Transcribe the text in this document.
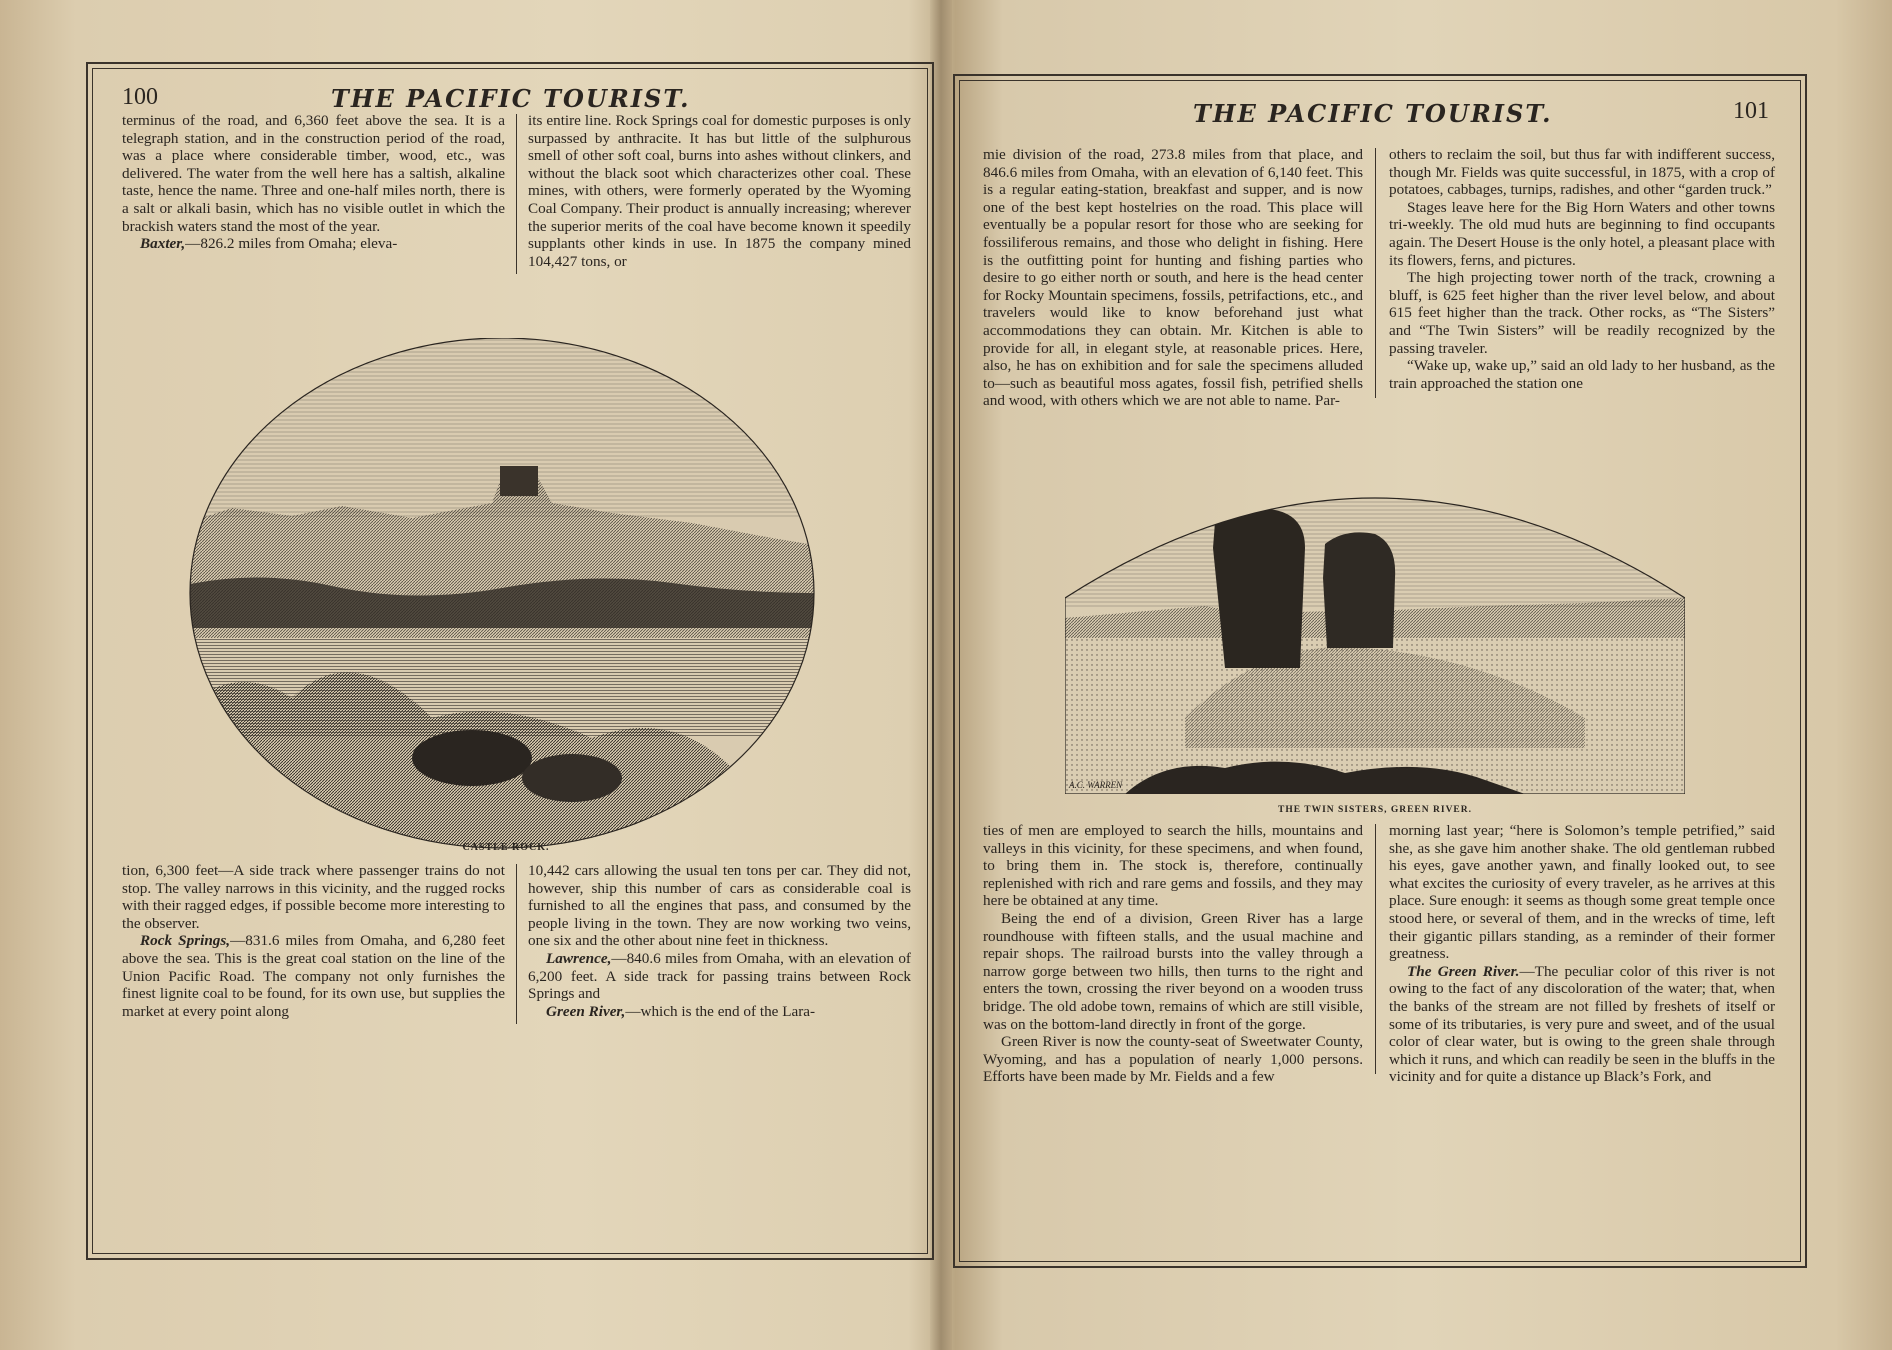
100	THE PACIFIC TOURIST.

terminus of the road, and 6,360 feet above the sea. It is a telegraph station, and in the construction period of the road, was a place where considerable timber, wood, etc., was delivered. The water from the well here has a saltish, alkaline taste, hence the name. Three and one-half miles north, there is a salt or alkali basin, which has no visible outlet in which the brackish waters stand the most of the year.

Baxter,—826.2 miles from Omaha; eleva-

its entire line. Rock Springs coal for domestic purposes is only surpassed by anthracite. It has but little of the sulphurous smell of other soft coal, burns into ashes without clinkers, and without the black soot which characterizes other coal. These mines, with others, were formerly operated by the Wyoming Coal Company. Their product is annually increasing; wherever the superior merits of the coal have become known it speedily supplants other kinds in use. In 1875 the company mined 104,427 tons, or

CASTLE ROCK.

tion, 6,300 feet—A side track where passenger trains do not stop. The valley narrows in this vicinity, and the rugged rocks with their ragged edges, if possible become more interesting to the observer.

Rock Springs,—831.6 miles from Omaha, and 6,280 feet above the sea. This is the great coal station on the line of the Union Pacific Road. The company not only furnishes the finest lignite coal to be found, for its own use, but supplies the market at every point along

10,442 cars allowing the usual ten tons per car. They did not, however, ship this number of cars as considerable coal is furnished to all the engines that pass, and consumed by the people living in the town. They are now working two veins, one six and the other about nine feet in thickness.

Lawrence,—840.6 miles from Omaha, with an elevation of 6,200 feet. A side track for passing trains between Rock Springs and

Green River,—which is the end of the Lara-

THE PACIFIC TOURIST.	101

mie division of the road, 273.8 miles from that place, and 846.6 miles from Omaha, with an elevation of 6,140 feet. This is a regular eating-station, breakfast and supper, and is now one of the best kept hostelries on the road. This place will eventually be a popular resort for those who are seeking for fossiliferous remains, and those who delight in fishing. Here is the outfitting point for hunting and fishing parties who desire to go either north or south, and here is the head center for Rocky Mountain specimens, fossils, petrifactions, etc., and travelers would like to know beforehand just what accommodations they can obtain. Mr. Kitchen is able to provide for all, in elegant style, at reasonable prices. Here, also, he has on exhibition and for sale the specimens alluded to—such as beautiful moss agates, fossil fish, petrified shells and wood, with others which we are not able to name. Par-

others to reclaim the soil, but thus far with indifferent success, though Mr. Fields was quite successful, in 1875, with a crop of potatoes, cabbages, turnips, radishes, and other “garden truck.”

Stages leave here for the Big Horn Waters and other towns tri-weekly. The old mud huts are beginning to find occupants again. The Desert House is the only hotel, a pleasant place with its flowers, ferns, and pictures.

The high projecting tower north of the track, crowning a bluff, is 625 feet higher than the river level below, and about 615 feet higher than the track. Other rocks, as “The Sisters” and “The Twin Sisters” will be readily recognized by the passing traveler.

“Wake up, wake up,” said an old lady to her husband, as the train approached the station one

A.C. WARREN
THE TWIN SISTERS, GREEN RIVER.

ties of men are employed to search the hills, mountains and valleys in this vicinity, for these specimens, and when found, to bring them in. The stock is, therefore, continually replenished with rich and rare gems and fossils, and they may here be obtained at any time.

Being the end of a division, Green River has a large roundhouse with fifteen stalls, and the usual machine and repair shops. The railroad bursts into the valley through a narrow gorge between two hills, then turns to the right and enters the town, crossing the river beyond on a wooden truss bridge. The old adobe town, remains of which are still visible, was on the bottom-land directly in front of the gorge.

Green River is now the county-seat of Sweetwater County, Wyoming, and has a population of nearly 1,000 persons. Efforts have been made by Mr. Fields and a few

morning last year; “here is Solomon’s temple petrified,” said she, as she gave him another shake. The old gentleman rubbed his eyes, gave another yawn, and finally looked out, to see what excites the curiosity of every traveler, as he arrives at this place. Sure enough: it seems as though some great temple once stood here, or several of them, and in the wrecks of time, left their gigantic pillars standing, as a reminder of their former greatness.

The Green River.—The peculiar color of this river is not owing to the fact of any discoloration of the water; that, when the banks of the stream are not filled by freshets of itself or some of its tributaries, is very pure and sweet, and of the usual color of clear water, but is owing to the green shale through which it runs, and which can readily be seen in the bluffs in the vicinity and for quite a distance up Black’s Fork, and
